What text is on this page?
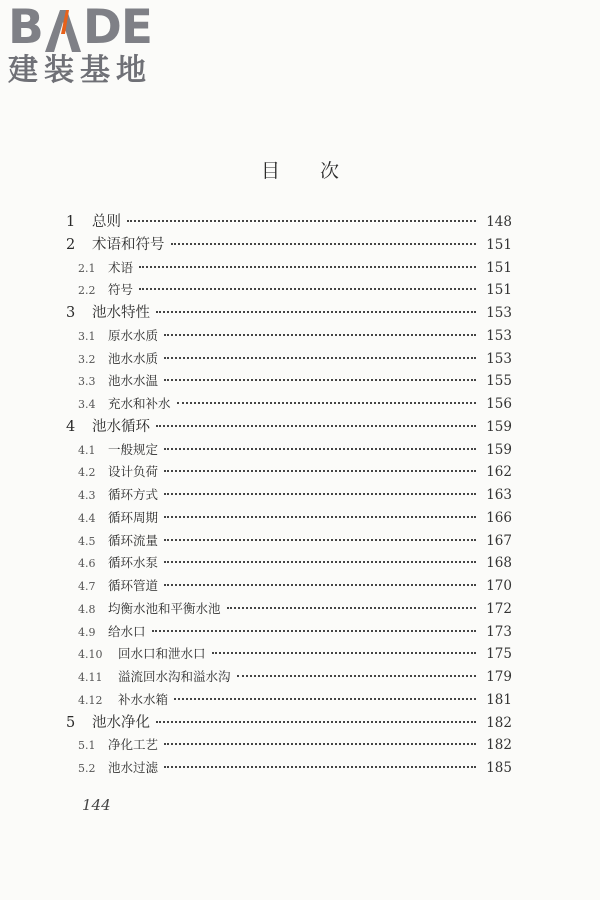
B DE
建装基地
目 次
1	总则	148
2	术语和符号	151
2.1	术语	151
2.2	符号	151
3	池水特性	153
3.1	原水水质	153
3.2	池水水质	153
3.3	池水水温	155
3.4	充水和补水	156
4	池水循环	159
4.1	一般规定	159
4.2	设计负荷	162
4.3	循环方式	163
4.4	循环周期	166
4.5	循环流量	167
4.6	循环水泵	168
4.7	循环管道	170
4.8	均衡水池和平衡水池	172
4.9	给水口	173
4.10	回水口和泄水口	175
4.11	溢流回水沟和溢水沟	179
4.12	补水水箱	181
5	池水净化	182
5.1	净化工艺	182
5.2	池水过滤	185
144
